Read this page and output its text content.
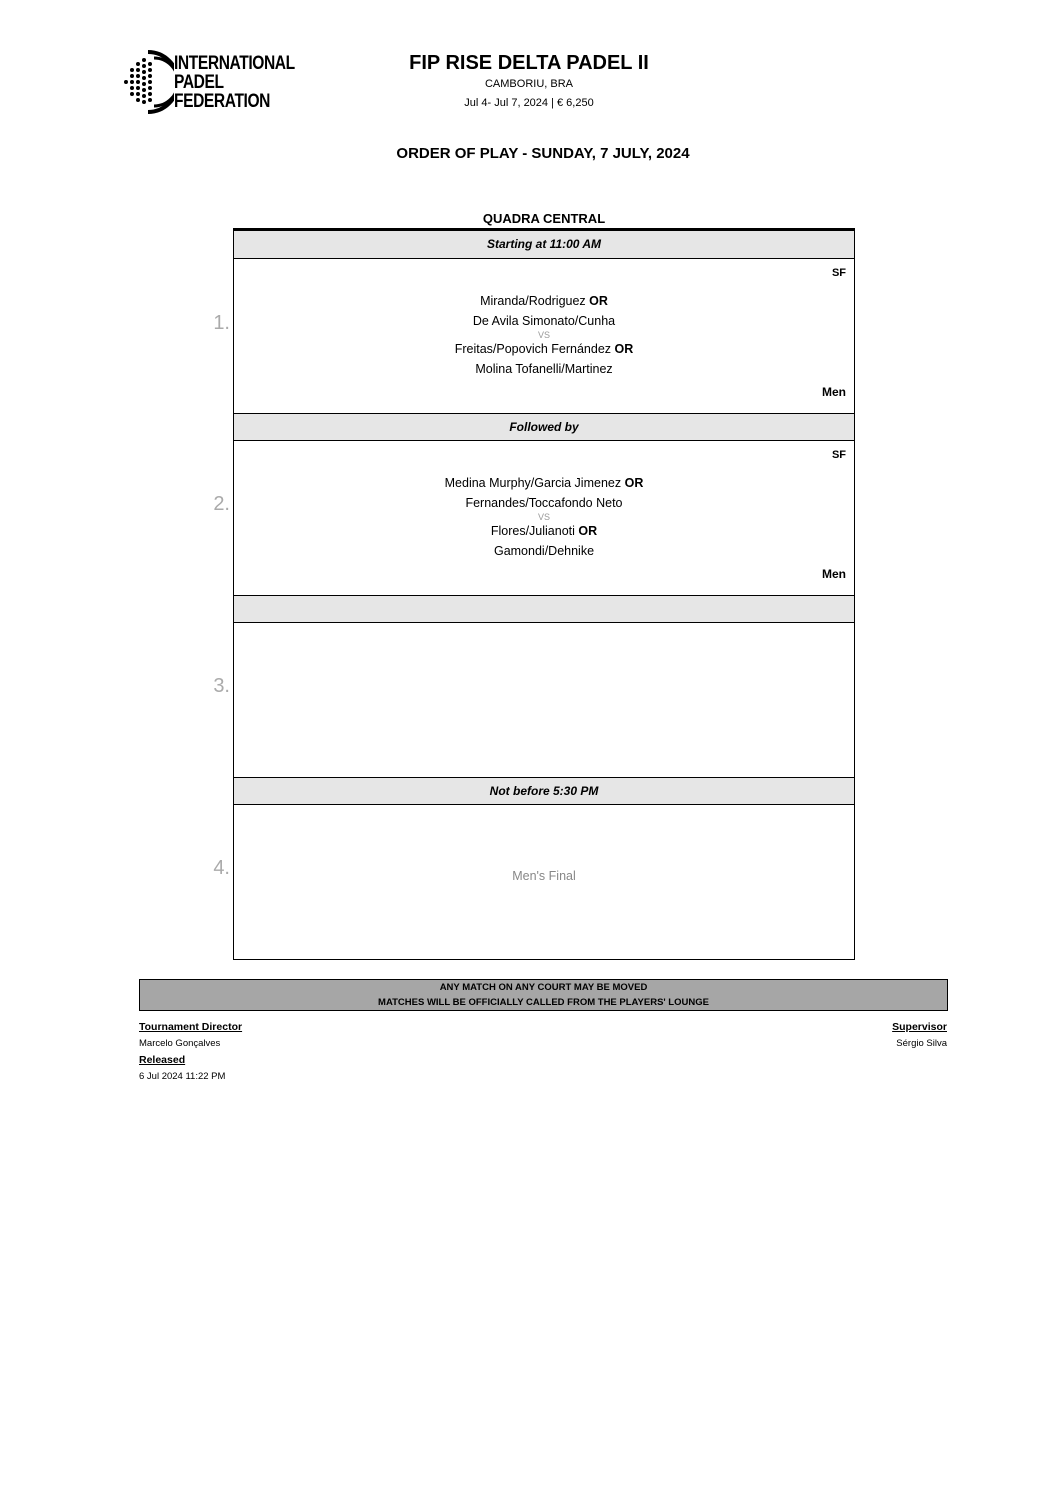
INTERNATIONAL
PADEL
FEDERATION
FIP RISE DELTA PADEL II
CAMBORIU, BRA
Jul 4- Jul 7, 2024 | € 6,250
ORDER OF PLAY - SUNDAY, 7 JULY, 2024
QUADRA CENTRAL
1.
2.
3.
4.
Starting at 11:00 AM
SF
Miranda/Rodriguez OR
De Avila Simonato/Cunha
VS
Freitas/Popovich Fernández OR
Molina Tofanelli/Martinez
Men
Followed by
SF
Medina Murphy/Garcia Jimenez OR
Fernandes/Toccafondo Neto
VS
Flores/Julianoti OR
Gamondi/Dehnike
Men
Not before 5:30 PM
Men's Final
ANY MATCH ON ANY COURT MAY BE MOVED
MATCHES WILL BE OFFICIALLY CALLED FROM THE PLAYERS' LOUNGE
Tournament Director
Marcelo Gonçalves
Released
6 Jul 2024 11:22 PM
Supervisor
Sérgio Silva
